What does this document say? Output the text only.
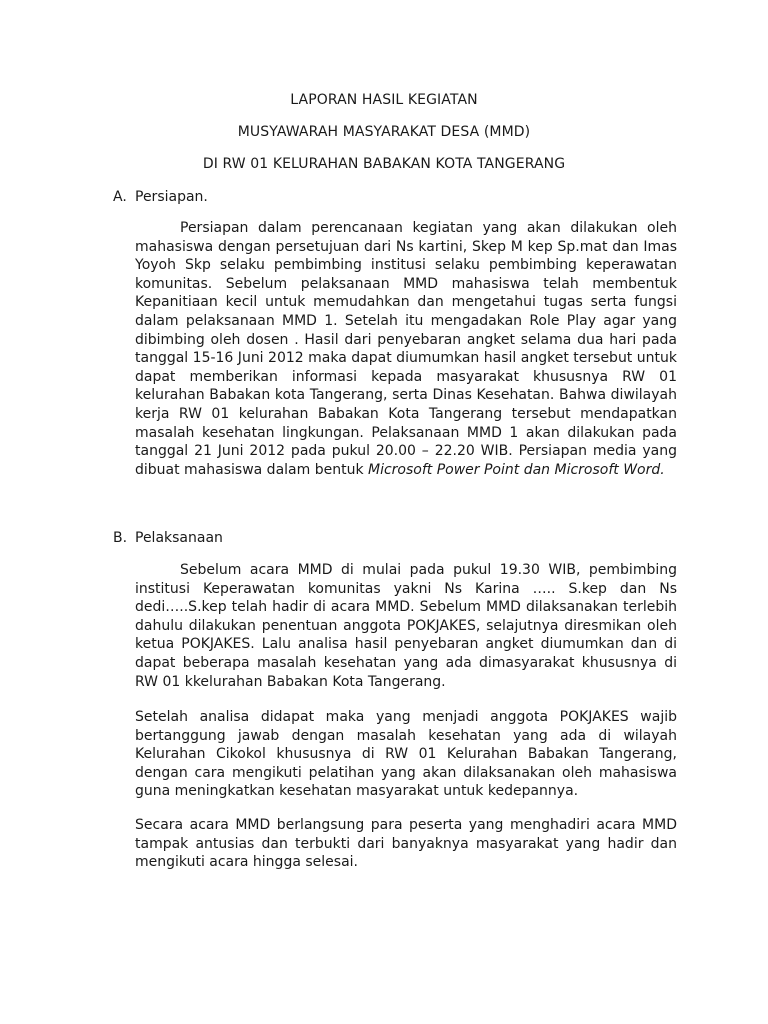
LAPORAN HASIL KEGIATAN
MUSYAWARAH MASYARAKAT DESA (MMD)
DI RW 01 KELURAHAN BABAKAN KOTA TANGERANG
A. Persiapan.

Persiapan dalam perencanaan kegiatan yang akan dilakukan oleh mahasiswa dengan persetujuan dari Ns kartini, Skep M kep Sp.mat dan Imas Yoyoh Skp selaku pembimbing institusi selaku pembimbing keperawatan komunitas. Sebelum pelaksanaan MMD mahasiswa telah membentuk Kepanitiaan kecil untuk memudahkan dan mengetahui tugas serta fungsi dalam pelaksanaan MMD 1. Setelah itu mengadakan Role Play agar yang dibimbing oleh dosen . Hasil dari penyebaran angket selama dua hari pada tanggal 15-16 Juni 2012 maka dapat diumumkan hasil angket tersebut untuk dapat memberikan informasi kepada masyarakat khususnya RW 01 kelurahan Babakan kota Tangerang, serta Dinas Kesehatan. Bahwa diwilayah kerja RW 01 kelurahan Babakan Kota Tangerang tersebut mendapatkan masalah kesehatan lingkungan. Pelaksanaan MMD 1 akan dilakukan pada tanggal 21 Juni 2012 pada pukul 20.00 – 22.20 WIB. Persiapan media yang dibuat mahasiswa dalam bentuk Microsoft Power Point dan Microsoft Word.

B. Pelaksanaan

Sebelum acara MMD di mulai pada pukul 19.30 WIB, pembimbing institusi Keperawatan komunitas yakni Ns Karina ….. S.kep dan Ns dedi…..S.kep telah hadir di acara MMD. Sebelum MMD dilaksanakan terlebih dahulu dilakukan penentuan anggota POKJAKES, selajutnya diresmikan oleh ketua POKJAKES. Lalu analisa hasil penyebaran angket diumumkan dan di dapat beberapa masalah kesehatan yang ada dimasyarakat khususnya di RW 01 kkelurahan Babakan Kota Tangerang.

Setelah analisa didapat maka yang menjadi anggota POKJAKES wajib bertanggung jawab dengan masalah kesehatan yang ada di wilayah Kelurahan Cikokol khususnya di RW 01 Kelurahan Babakan Tangerang, dengan cara mengikuti pelatihan yang akan dilaksanakan oleh mahasiswa guna meningkatkan kesehatan masyarakat untuk kedepannya.

Secara acara MMD berlangsung para peserta yang menghadiri acara MMD tampak antusias dan terbukti dari banyaknya masyarakat yang hadir dan mengikuti acara hingga selesai.
